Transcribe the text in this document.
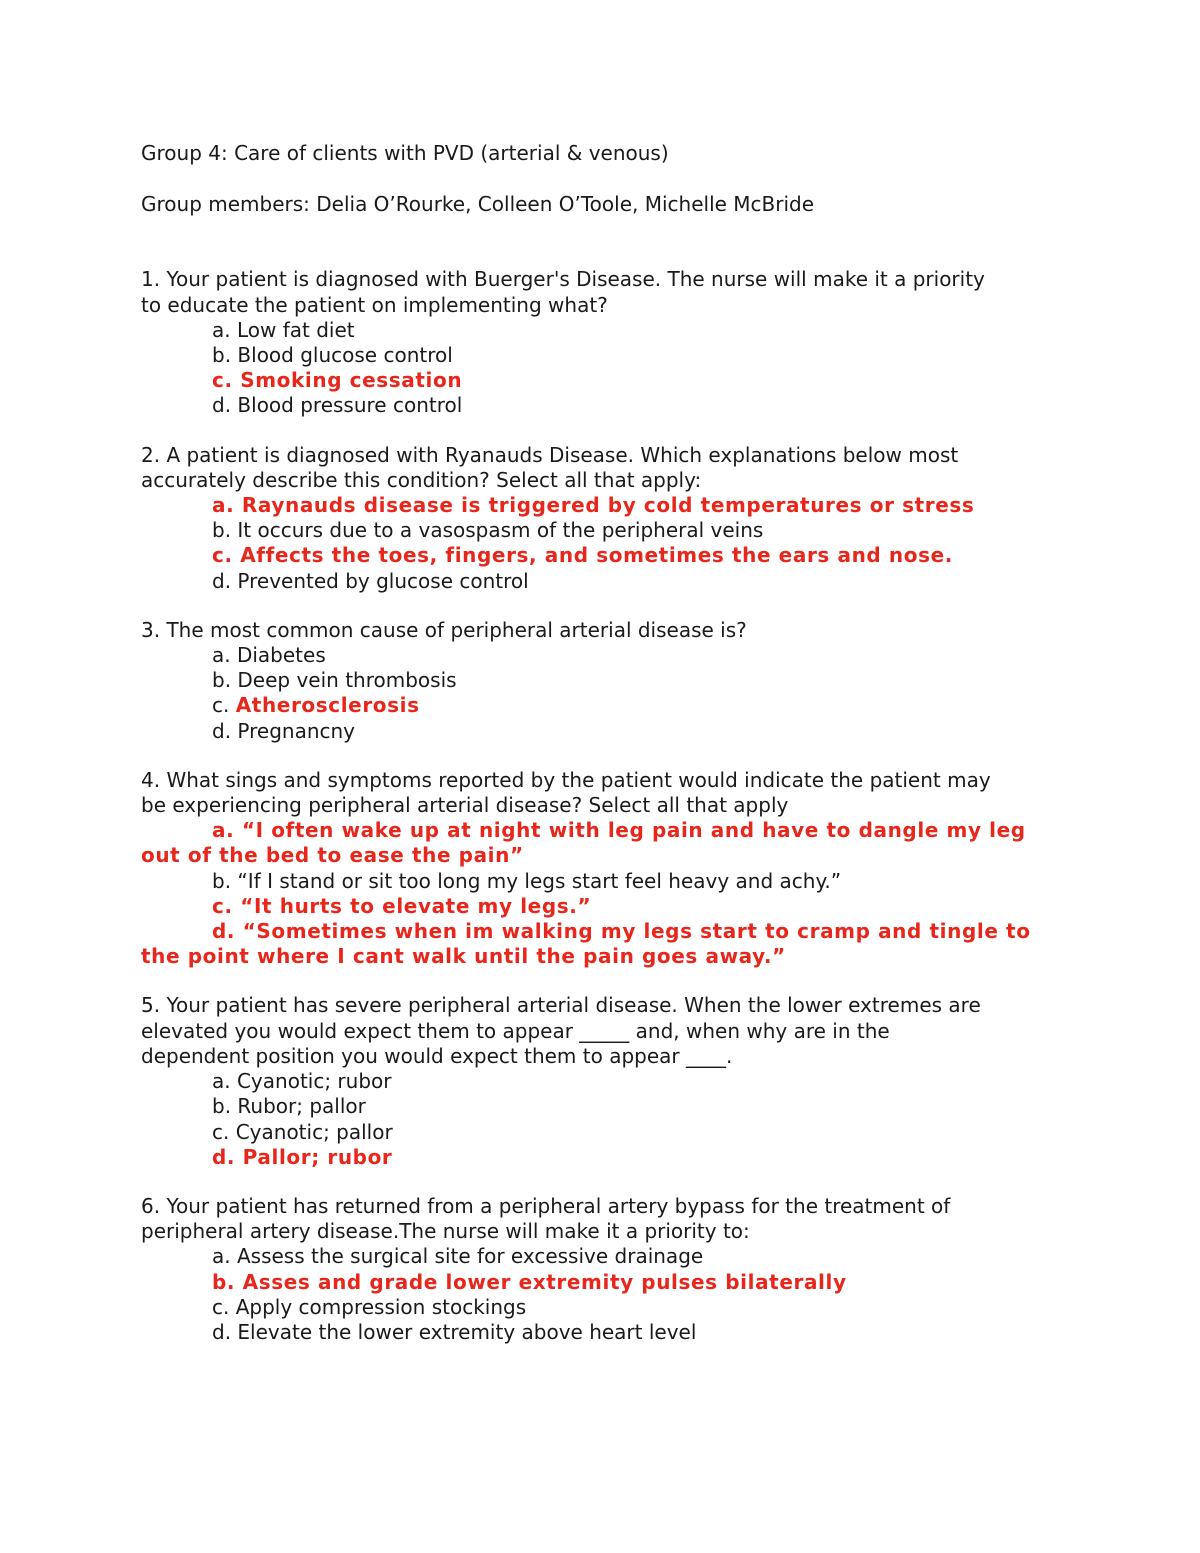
Group 4: Care of clients with PVD (arterial & venous)
Group members: Delia O’Rourke, Colleen O’Toole, Michelle McBride
1. Your patient is diagnosed with Buerger's Disease. The nurse will make it a priority
to educate the patient on implementing what?
a. Low fat diet
b. Blood glucose control
c. Smoking cessation
d. Blood pressure control
2. A patient is diagnosed with Ryanauds Disease. Which explanations below most
accurately describe this condition? Select all that apply:
a. Raynauds disease is triggered by cold temperatures or stress
b. It occurs due to a vasospasm of the peripheral veins
c. Affects the toes, fingers, and sometimes the ears and nose.
d. Prevented by glucose control
3. The most common cause of peripheral arterial disease is?
a. Diabetes
b. Deep vein thrombosis
c. Atherosclerosis
d. Pregnancny
4. What sings and symptoms reported by the patient would indicate the patient may
be experiencing peripheral arterial disease? Select all that apply
a. “I often wake up at night with leg pain and have to dangle my leg
out of the bed to ease the pain”
b. “If I stand or sit too long my legs start feel heavy and achy.”
c. “It hurts to elevate my legs.”
d. “Sometimes when im walking my legs start to cramp and tingle to
the point where I cant walk until the pain goes away.”
5. Your patient has severe peripheral arterial disease. When the lower extremes are
elevated you would expect them to appear _____ and, when why are in the
dependent position you would expect them to appear ____.
a. Cyanotic; rubor
b. Rubor; pallor
c. Cyanotic; pallor
d. Pallor; rubor
6. Your patient has returned from a peripheral artery bypass for the treatment of
peripheral artery disease.The nurse will make it a priority to:
a. Assess the surgical site for excessive drainage
b. Asses and grade lower extremity pulses bilaterally
c. Apply compression stockings
d. Elevate the lower extremity above heart level
